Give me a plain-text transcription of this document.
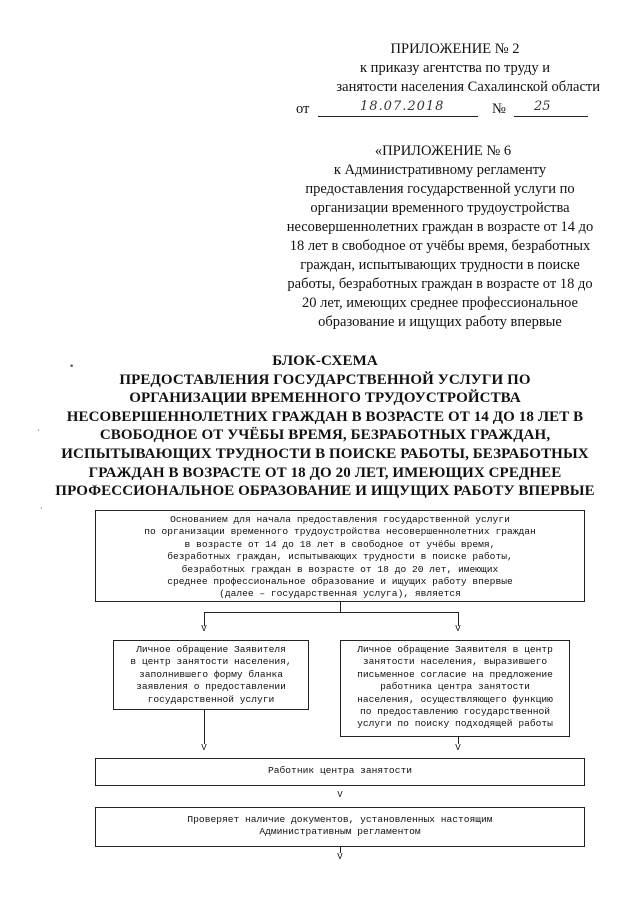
ПРИЛОЖЕНИЕ № 2
к приказу агентства по труду и
занятости населения Сахалинской области
от	18.07.2018	№ 25
«ПРИЛОЖЕНИЕ № 6
к Административному регламенту
предоставления государственной услуги по
организации временного трудоустройства
несовершеннолетних граждан в возрасте от 14 до
18 лет в свободное от учёбы время, безработных
граждан, испытывающих трудности в поиске
работы, безработных граждан в возрасте от 18 до
20 лет, имеющих среднее профессиональное
образование и ищущих работу впервые
БЛОК-СХЕМА
ПРЕДОСТАВЛЕНИЯ ГОСУДАРСТВЕННОЙ УСЛУГИ ПО
ОРГАНИЗАЦИИ ВРЕМЕННОГО ТРУДОУСТРОЙСТВА
НЕСОВЕРШЕННОЛЕТНИХ ГРАЖДАН В ВОЗРАСТЕ ОТ 14 ДО 18 ЛЕТ В
СВОБОДНОЕ ОТ УЧЁБЫ ВРЕМЯ, БЕЗРАБОТНЫХ ГРАЖДАН,
ИСПЫТЫВАЮЩИХ ТРУДНОСТИ В ПОИСКЕ РАБОТЫ, БЕЗРАБОТНЫХ
ГРАЖДАН В ВОЗРАСТЕ ОТ 18 ДО 20 ЛЕТ, ИМЕЮЩИХ СРЕДНЕЕ
ПРОФЕССИОНАЛЬНОЕ ОБРАЗОВАНИЕ И ИЩУЩИХ РАБОТУ ВПЕРВЫЕ
•
·
·
Основанием для начала предоставления государственной услуги
по организации временного трудоустройства несовершеннолетних граждан
в возрасте от 14 до 18 лет в свободное от учёбы время,
безработных граждан, испытывающих трудности в поиске работы,
безработных граждан в возрасте от 18 до 20 лет, имеющих
среднее профессиональное образование и ищущих работу впервые
(далее – государственная услуга), является
V	V
Личное обращение Заявителя
в центр занятости населения,
заполнившего форму бланка
заявления о предоставлении
государственной услуги
Личное обращение Заявителя в центр
занятости населения, выразившего
письменное согласие на предложение
работника центра занятости
населения, осуществляющего функцию
по предоставлению государственной
услуги по поиску подходящей работы
V	V
Работник центра занятости
V
Проверяет наличие документов, установленных настоящим
Административным регламентом
V
